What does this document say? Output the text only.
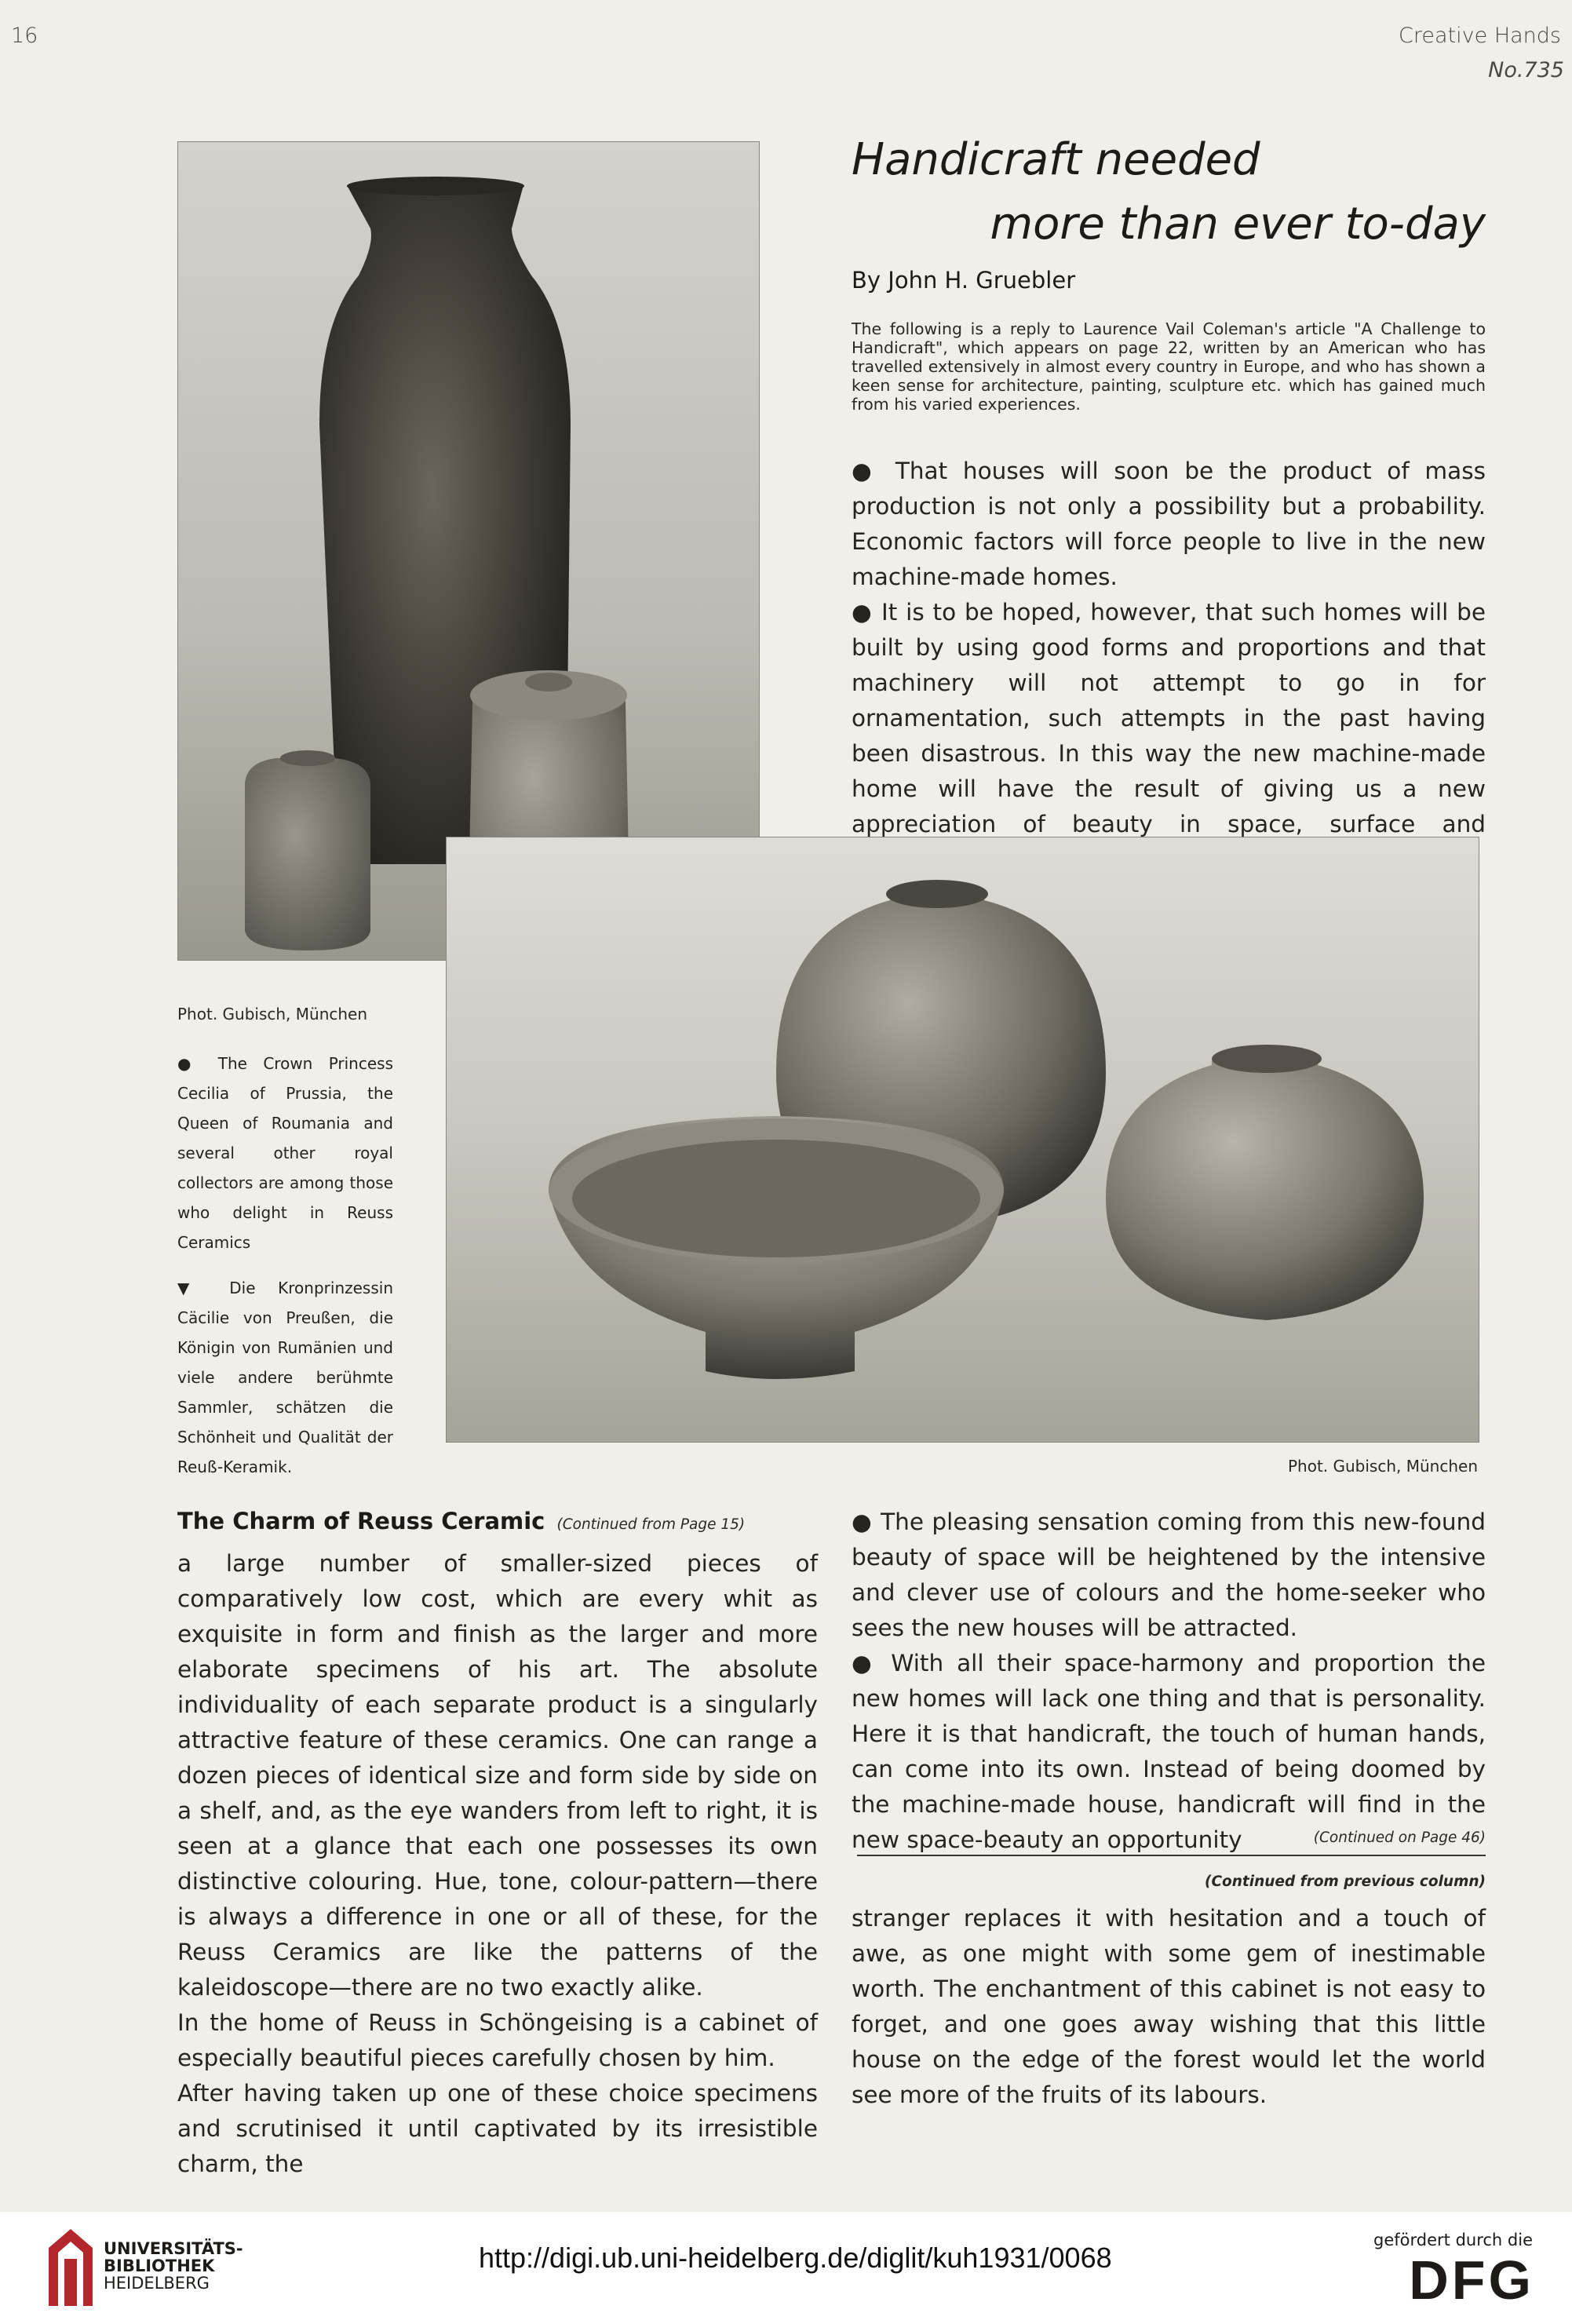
16	Creative Hands
No.735
Handicraft needed
more than ever to-day
By John H. Gruebler
The following is a reply to Laurence Vail Coleman's article "A Challenge to Handicraft", which appears on page 22, written by an American who has travelled extensively in almost every country in Europe, and who has shown a keen sense for architecture, painting, sculpture etc. which has gained much from his varied experiences.

● That houses will soon be the product of mass production is not only a possibility but a probability. Economic factors will force people to live in the new machine-made homes.

● It is to be hoped, however, that such homes will be built by using good forms and proportions and that machinery will not attempt to go in for ornamentation, such attempts in the past having been disastrous. In this way the new machine-made home will have the result of giving us a new appreciation of beauty in space, surface and

Phot. Gubisch, München
Phot. Gubisch, München

● The Crown Princess Cecilia of Prussia, the Queen of Roumania and several other royal collectors are among those who delight in Reuss Ceramics

▼ Die Kronprinzessin Cäcilie von Preußen, die Königin von Rumänien und viele andere berühmte Sammler, schätzen die Schönheit und Qualität der Reuß-Keramik.

The Charm of Reuss Ceramic (Continued from Page 15)

a large number of smaller-sized pieces of comparatively low cost, which are every whit as exquisite in form and finish as the larger and more elaborate specimens of his art. The absolute individuality of each separate product is a singularly attractive feature of these ceramics. One can range a dozen pieces of identical size and form side by side on a shelf, and, as the eye wanders from left to right, it is seen at a glance that each one possesses its own distinctive colouring. Hue, tone, colour-pattern—there is always a difference in one or all of these, for the Reuss Ceramics are like the patterns of the kaleidoscope—there are no two exactly alike.

In the home of Reuss in Schöngeising is a cabinet of especially beautiful pieces carefully chosen by him.

After having taken up one of these choice specimens and scrutinised it until captivated by its irresistible charm, the

● The pleasing sensation coming from this new-found beauty of space will be heightened by the intensive and clever use of colours and the home-seeker who sees the new houses will be attracted.

● With all their space-harmony and proportion the new homes will lack one thing and that is personality. Here it is that handicraft, the touch of human hands, can come into its own. Instead of being doomed by the machine-made house, handicraft will find in the new space-beauty an opportunity	(Continued on Page 46)
(Continued from previous column)

stranger replaces it with hesitation and a touch of awe, as one might with some gem of inestimable worth. The enchantment of this cabinet is not easy to forget, and one goes away wishing that this little house on the edge of the forest would let the world see more of the fruits of its labours.

UNIVERSITÄTS-
BIBLIOTHEK
HEIDELBERG
http://digi.ub.uni-heidelberg.de/diglit/kuh1931/0068
gefördert durch die
DFG
